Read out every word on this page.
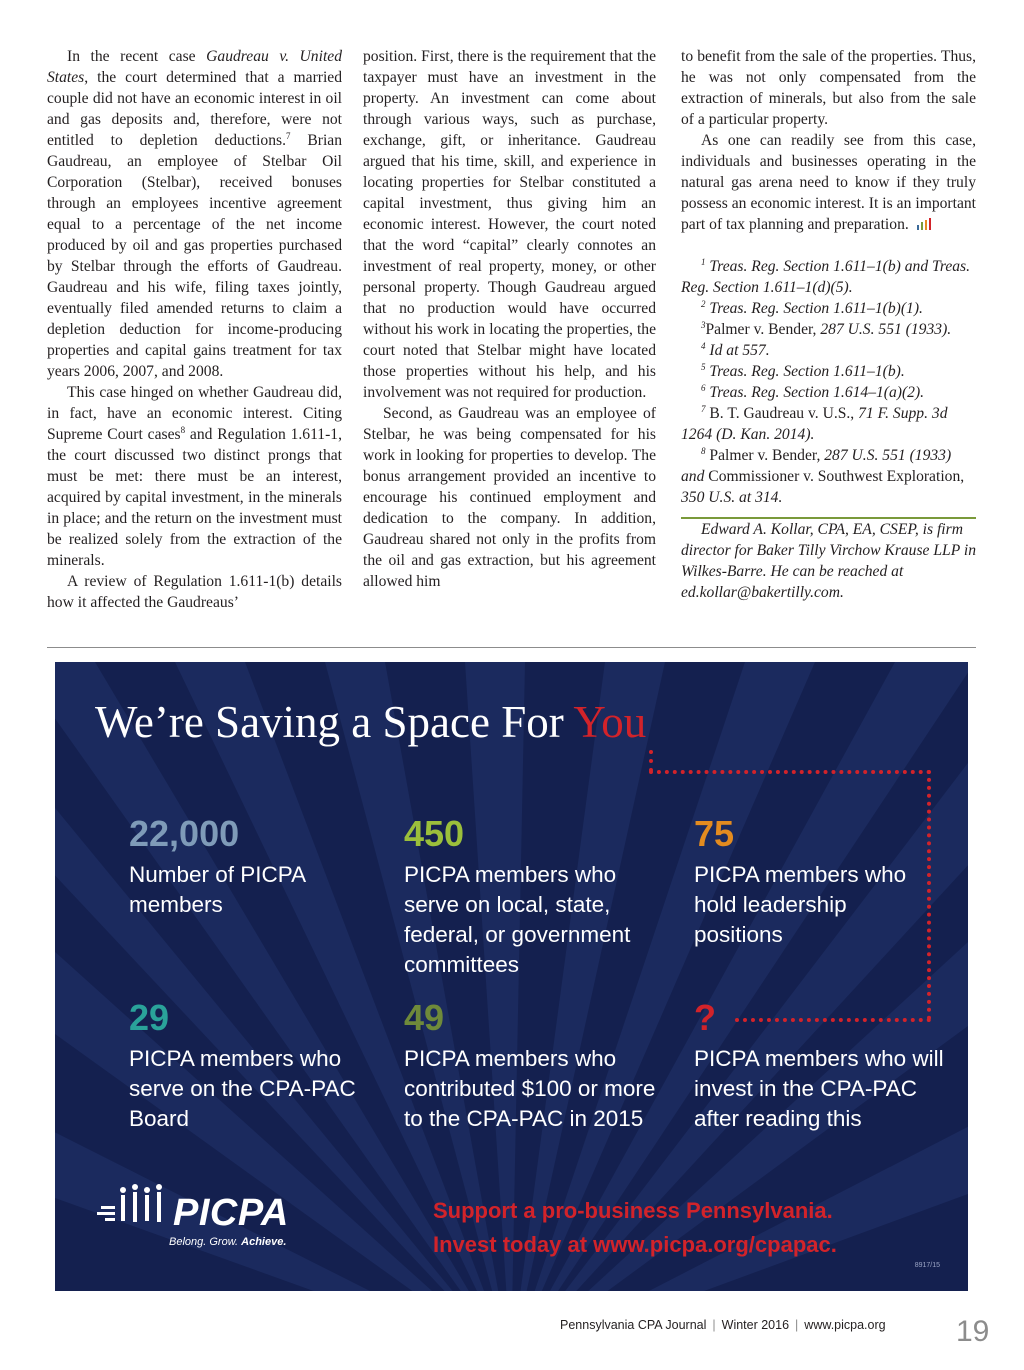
In the recent case Gaudreau v. United States, the court determined that a married couple did not have an economic interest in oil and gas deposits and, therefore, were not entitled to depletion deductions.$^7$ Brian Gaudreau, an employee of Stelbar Oil Corporation (Stelbar), received bonuses through an employees incentive agreement equal to a percentage of the net income produced by oil and gas properties purchased by Stelbar through the efforts of Gaudreau. Gaudreau and his wife, filing taxes jointly, eventually filed amended returns to claim a depletion deduction for income-producing properties and capital gains treatment for tax years 2006, 2007, and 2008.

This case hinged on whether Gaudreau did, in fact, have an economic interest. Citing Supreme Court cases$^8$ and Regulation 1.611-1, the court discussed two distinct prongs that must be met: there must be an interest, acquired by capital investment, in the minerals in place; and the return on the investment must be realized solely from the extraction of the minerals.

A review of Regulation 1.611-1(b) details how it affected the Gaudreaus’

position. First, there is the requirement that the taxpayer must have an investment in the property. An investment can come about through various ways, such as purchase, exchange, gift, or inheritance. Gaudreau argued that his time, skill, and experience in locating properties for Stelbar constituted a capital investment, thus giving him an economic interest. However, the court noted that the word “capital” clearly connotes an investment of real property, money, or other personal property. Though Gaudreau argued that no production would have occurred without his work in locating the properties, the court noted that Stelbar might have located those properties without his help, and his involvement was not required for production.

Second, as Gaudreau was an employee of Stelbar, he was being compensated for his work in looking for properties to develop. The bonus arrangement provided an incentive to encourage his continued employment and dedication to the company. In addition, Gaudreau shared not only in the profits from the oil and gas extraction, but his agreement allowed him

to benefit from the sale of the properties. Thus, he was not only compensated from the extraction of minerals, but also from the sale of a particular property.

As one can readily see from this case, individuals and businesses operating in the natural gas arena need to know if they truly possess an economic interest. It is an important part of tax planning and preparation.

$^1$ Treas. Reg. Section 1.611–1(b) and Treas. Reg. Section 1.611–1(d)(5).

$^2$ Treas. Reg. Section 1.611–1(b)(1).

$^3$Palmer v. Bender, 287 U.S. 551 (1933).

$^4$ Id at 557.

$^5$ Treas. Reg. Section 1.611–1(b).

$^6$ Treas. Reg. Section 1.614–1(a)(2).

$^7$ B. T. Gaudreau v. U.S., 71 F. Supp. 3d 1264 (D. Kan. 2014).

$^8$ Palmer v. Bender, 287 U.S. 551 (1933) and Commissioner v. Southwest Exploration, 350 U.S. at 314.

Edward A. Kollar, CPA, EA, CSEP, is firm director for Baker Tilly Virchow Krause LLP in Wilkes-Barre. He can be reached at ed.kollar@bakertilly.com.

We’re Saving a Space For You
22,000
Number of PICPA members
450
PICPA members who serve on local, state, federal, or government committees
75
PICPA members who hold leadership positions
29
PICPA members who serve on the CPA-PAC Board
49
PICPA members who contributed $100 or more to the CPA-PAC in 2015
?
PICPA members who will invest in the CPA-PAC after reading this
PICPA
Belong. Grow. Achieve.
Support a pro-business Pennsylvania.
Invest today at www.picpa.org/cpapac.
8917/15
Pennsylvania CPA Journal | Winter 2016 | www.picpa.org	19
